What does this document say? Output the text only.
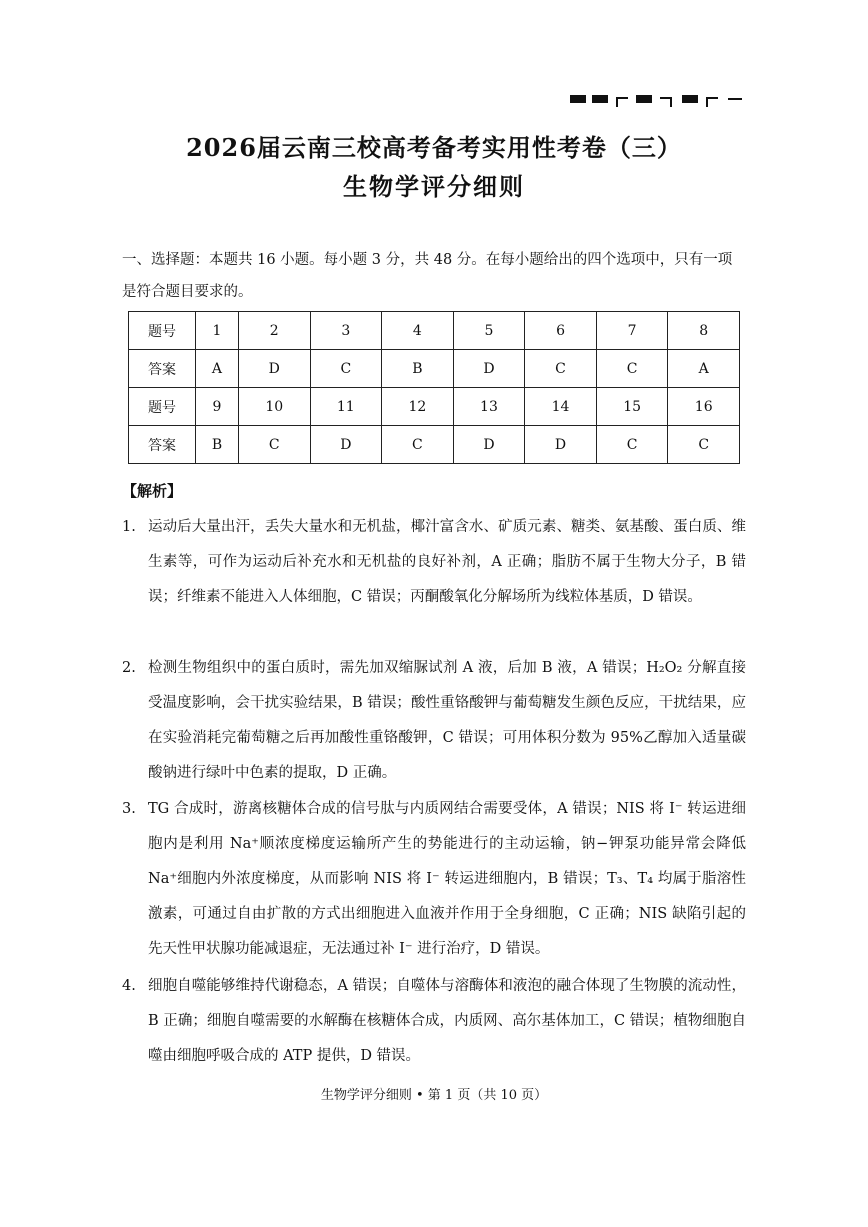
2026届云南三校高考备考实用性考卷（三）
生物学评分细则
一、选择题：本题共 16 小题。每小题 3 分，共 48 分。在每小题给出的四个选项中，只有一项是符合题目要求的。
题号	1	2	3	4	5	6	7	8
答案	A	D	C	B	D	C	C	A
题号	9	10	11	12	13	14	15	16
答案	B	C	D	C	D	D	C	C
【解析】
1. 运动后大量出汗，丢失大量水和无机盐，椰汁富含水、矿质元素、糖类、氨基酸、蛋白质、维生素等，可作为运动后补充水和无机盐的良好补剂，A 正确；脂肪不属于生物大分子，B 错误；纤维素不能进入人体细胞，C 错误；丙酮酸氧化分解场所为线粒体基质，D 错误。
2. 检测生物组织中的蛋白质时，需先加双缩脲试剂 A 液，后加 B 液，A 错误；H₂O₂ 分解直接受温度影响，会干扰实验结果，B 错误；酸性重铬酸钾与葡萄糖发生颜色反应，干扰结果，应在实验消耗完葡萄糖之后再加酸性重铬酸钾，C 错误；可用体积分数为 95%乙醇加入适量碳酸钠进行绿叶中色素的提取，D 正确。
3. TG 合成时，游离核糖体合成的信号肽与内质网结合需要受体，A 错误；NIS 将 I⁻ 转运进细胞内是利用 Na⁺顺浓度梯度运输所产生的势能进行的主动运输，钠−钾泵功能异常会降低 Na⁺细胞内外浓度梯度，从而影响 NIS 将 I⁻ 转运进细胞内，B 错误；T₃、T₄ 均属于脂溶性激素，可通过自由扩散的方式出细胞进入血液并作用于全身细胞，C 正确；NIS 缺陷引起的先天性甲状腺功能减退症，无法通过补 I⁻ 进行治疗，D 错误。
4. 细胞自噬能够维持代谢稳态，A 错误；自噬体与溶酶体和液泡的融合体现了生物膜的流动性，B 正确；细胞自噬需要的水解酶在核糖体合成，内质网、高尔基体加工，C 错误；植物细胞自噬由细胞呼吸合成的 ATP 提供，D 错误。
生物学评分细则 • 第 1 页（共 10 页）
